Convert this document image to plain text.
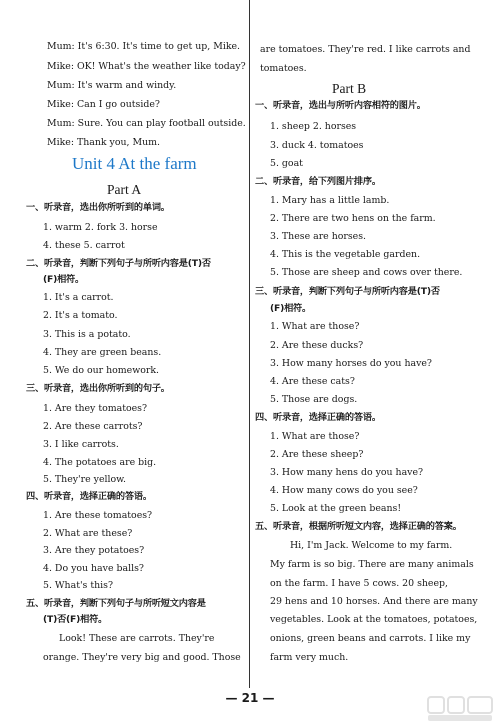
Mum: It's 6:30. It's time to get up, Mike.
Mike: OK! What's the weather like today?
Mum: It's warm and windy.
Mike: Can I go outside?
Mum: Sure. You can play football outside.
Mike: Thank you, Mum.
Unit 4 At the farm
Part A
一、听录音，选出你所听到的单词。
1. warm 2. fork 3. horse
4. these 5. carrot
二、听录音，判断下列句子与所听内容是(T)否
(F)相符。
1. It's a carrot.
2. It's a tomato.
3. This is a potato.
4. They are green beans.
5. We do our homework.
三、听录音，选出你所听到的句子。
1. Are they tomatoes?
2. Are these carrots?
3. I like carrots.
4. The potatoes are big.
5. They're yellow.
四、听录音，选择正确的答语。
1. Are these tomatoes?
2. What are these?
3. Are they potatoes?
4. Do you have balls?
5. What's this?
五、听录音，判断下列句子与所听短文内容是
(T)否(F)相符。
Look! These are carrots. They're
orange. They're very big and good. Those
are tomatoes. They're red. I like carrots and
tomatoes.
Part B
一、听录音，选出与所听内容相符的图片。
1. sheep 2. horses
3. duck 4. tomatoes
5. goat
二、听录音，给下列图片排序。
1. Mary has a little lamb.
2. There are two hens on the farm.
3. These are horses.
4. This is the vegetable garden.
5. Those are sheep and cows over there.
三、听录音，判断下列句子与所听内容是(T)否
(F)相符。
1. What are those?
2. Are these ducks?
3. How many horses do you have?
4. Are these cats?
5. Those are dogs.
四、听录音，选择正确的答语。
1. What are those?
2. Are these sheep?
3. How many hens do you have?
4. How many cows do you see?
5. Look at the green beans!
五、听录音，根据所听短文内容，选择正确的答案。
Hi, I'm Jack. Welcome to my farm.
My farm is so big. There are many animals
on the farm. I have 5 cows. 20 sheep,
29 hens and 10 horses. And there are many
vegetables. Look at the tomatoes, potatoes,
onions, green beans and carrots. I like my
farm very much.
— 21 —
